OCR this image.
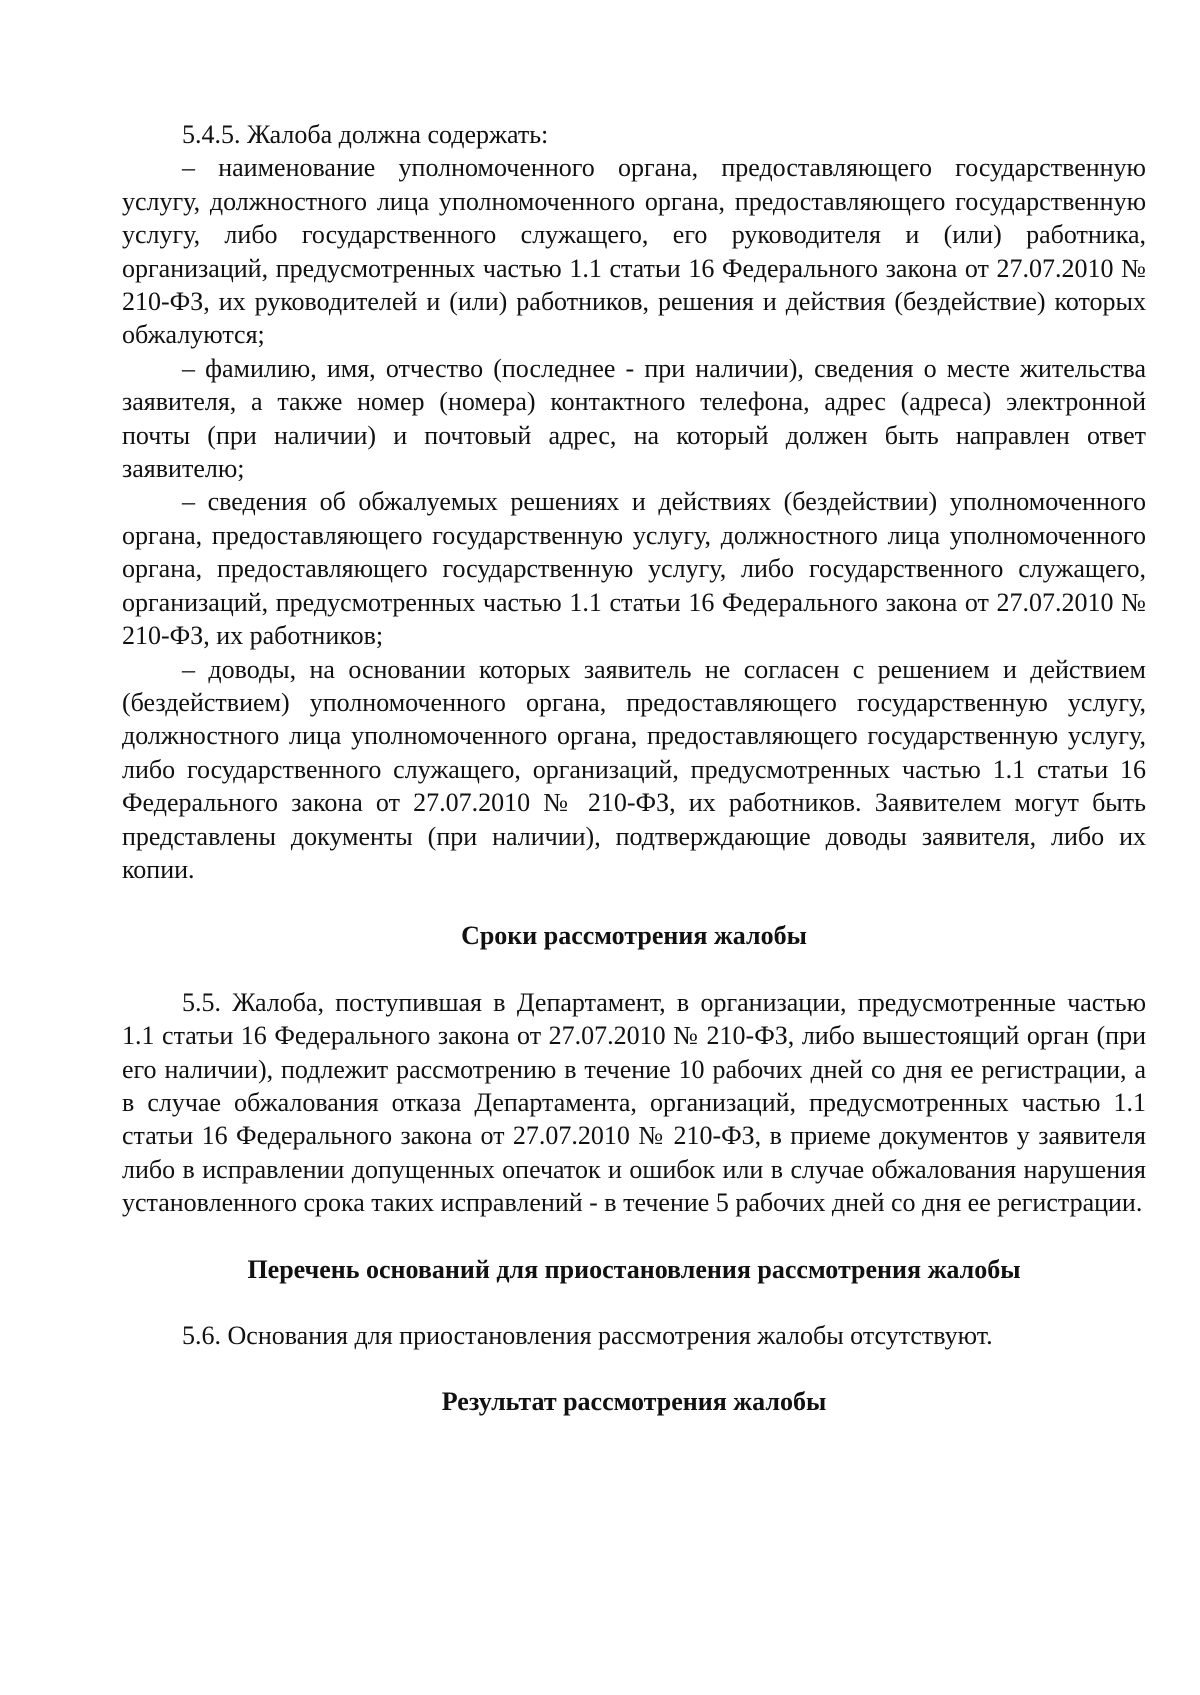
5.4.5. Жалоба должна содержать:

– наименование уполномоченного органа, предоставляющего государственную услугу, должностного лица уполномоченного органа, предоставляющего государственную услугу, либо государственного служащего, его руководителя и (или) работника, организаций, предусмотренных частью 1.1 статьи 16 Федерального закона от 27.07.2010 № 210-ФЗ, их руководителей и (или) работников, решения и действия (бездействие) которых обжалуются;

– фамилию, имя, отчество (последнее - при наличии), сведения о месте жительства заявителя, а также номер (номера) контактного телефона, адрес (адреса) электронной почты (при наличии) и почтовый адрес, на который должен быть направлен ответ заявителю;

– сведения об обжалуемых решениях и действиях (бездействии) уполномоченного органа, предоставляющего государственную услугу, должностного лица уполномоченного органа, предоставляющего государственную услугу, либо государственного служащего, организаций, предусмотренных частью 1.1 статьи 16 Федерального закона от 27.07.2010 № 210-ФЗ, их работников;

– доводы, на основании которых заявитель не согласен с решением и действием (бездействием) уполномоченного органа, предоставляющего государственную услугу, должностного лица уполномоченного органа, предоставляющего государственную услугу, либо государственного служащего, организаций, предусмотренных частью 1.1 статьи 16 Федерального закона от 27.07.2010 № 210-ФЗ, их работников. Заявителем могут быть представлены документы (при наличии), подтверждающие доводы заявителя, либо их копии.

Сроки рассмотрения жалобы

5.5. Жалоба, поступившая в Департамент, в организации, предусмотренные частью 1.1 статьи 16 Федерального закона от 27.07.2010 № 210-ФЗ, либо вышестоящий орган (при его наличии), подлежит рассмотрению в течение 10 рабочих дней со дня ее регистрации, а в случае обжалования отказа Департамента, организаций, предусмотренных частью 1.1 статьи 16 Федерального закона от 27.07.2010 № 210-ФЗ, в приеме документов у заявителя либо в исправлении допущенных опечаток и ошибок или в случае обжалования нарушения установленного срока таких исправлений - в течение 5 рабочих дней со дня ее регистрации.

Перечень оснований для приостановления рассмотрения жалобы

5.6. Основания для приостановления рассмотрения жалобы отсутствуют.

Результат рассмотрения жалобы
